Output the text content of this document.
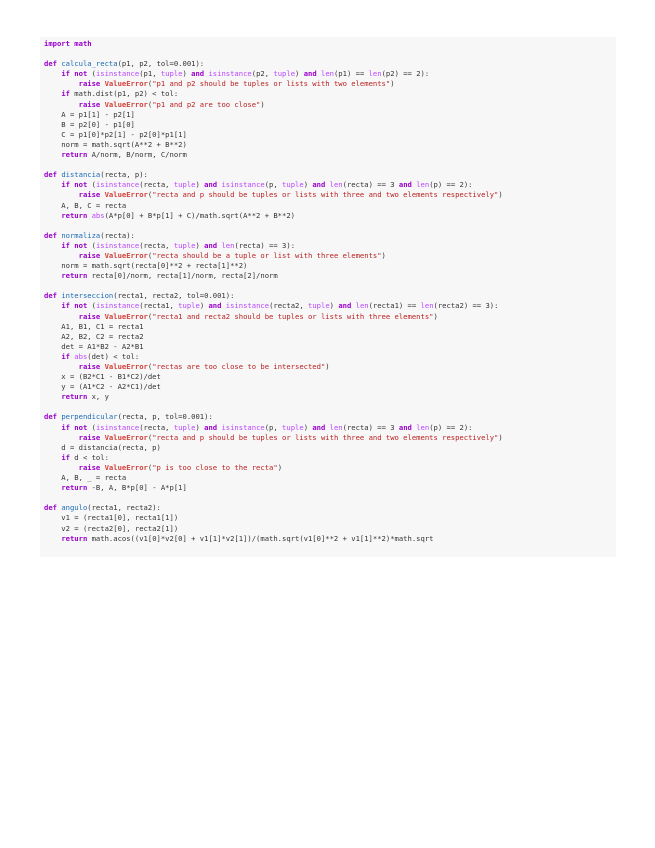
import math
def calcula_recta(p1, p2, tol=0.001):
if not (isinstance(p1, tuple) and isinstance(p2, tuple) and len(p1) == len(p2) == 2):
raise ValueError("p1 and p2 should be tuples or lists with two elements")
if math.dist(p1, p2) < tol:
raise ValueError("p1 and p2 are too close")
A = p1[1] - p2[1]
B = p2[0] - p1[0]
C = p1[0]*p2[1] - p2[0]*p1[1]
norm = math.sqrt(A**2 + B**2)
return A/norm, B/norm, C/norm
def distancia(recta, p):
if not (isinstance(recta, tuple) and isinstance(p, tuple) and len(recta) == 3 and len(p) == 2):
raise ValueError("recta and p should be tuples or lists with three and two elements respectively")
A, B, C = recta
return abs(A*p[0] + B*p[1] + C)/math.sqrt(A**2 + B**2)
def normaliza(recta):
if not (isinstance(recta, tuple) and len(recta) == 3):
raise ValueError("recta should be a tuple or list with three elements")
norm = math.sqrt(recta[0]**2 + recta[1]**2)
return recta[0]/norm, recta[1]/norm, recta[2]/norm
def interseccion(recta1, recta2, tol=0.001):
if not (isinstance(recta1, tuple) and isinstance(recta2, tuple) and len(recta1) == len(recta2) == 3):
raise ValueError("recta1 and recta2 should be tuples or lists with three elements")
A1, B1, C1 = recta1
A2, B2, C2 = recta2
det = A1*B2 - A2*B1
if abs(det) < tol:
raise ValueError("rectas are too close to be intersected")
x = (B2*C1 - B1*C2)/det
y = (A1*C2 - A2*C1)/det
return x, y
def perpendicular(recta, p, tol=0.001):
if not (isinstance(recta, tuple) and isinstance(p, tuple) and len(recta) == 3 and len(p) == 2):
raise ValueError("recta and p should be tuples or lists with three and two elements respectively")
d = distancia(recta, p)
if d < tol:
raise ValueError("p is too close to the recta")
A, B, _ = recta
return -B, A, B*p[0] - A*p[1]
def angulo(recta1, recta2):
v1 = (recta1[0], recta1[1])
v2 = (recta2[0], recta2[1])
return math.acos((v1[0]*v2[0] + v1[1]*v2[1])/(math.sqrt(v1[0]**2 + v1[1]**2)*math.sqrt
